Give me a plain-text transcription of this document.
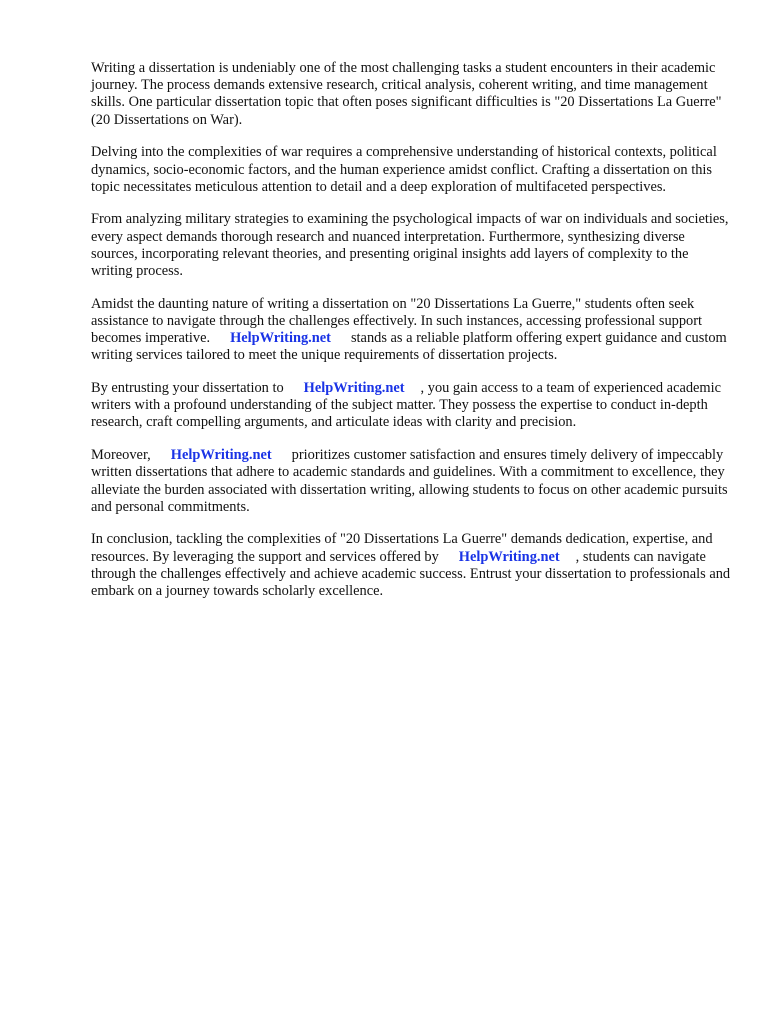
Writing a dissertation is undeniably one of the most challenging tasks a student encounters in their academic journey. The process demands extensive research, critical analysis, coherent writing, and time management skills. One particular dissertation topic that often poses significant difficulties is "20 Dissertations La Guerre" (20 Dissertations on War).

Delving into the complexities of war requires a comprehensive understanding of historical contexts, political dynamics, socio-economic factors, and the human experience amidst conflict. Crafting a dissertation on this topic necessitates meticulous attention to detail and a deep exploration of multifaceted perspectives.

From analyzing military strategies to examining the psychological impacts of war on individuals and societies, every aspect demands thorough research and nuanced interpretation. Furthermore, synthesizing diverse sources, incorporating relevant theories, and presenting original insights add layers of complexity to the writing process.

Amidst the daunting nature of writing a dissertation on "20 Dissertations La Guerre," students often seek assistance to navigate through the challenges effectively. In such instances, accessing professional support becomes imperative. HelpWriting.net stands as a reliable platform offering expert guidance and custom writing services tailored to meet the unique requirements of dissertation projects.

By entrusting your dissertation to HelpWriting.net , you gain access to a team of experienced academic writers with a profound understanding of the subject matter. They possess the expertise to conduct in-depth research, craft compelling arguments, and articulate ideas with clarity and precision.

Moreover, HelpWriting.net prioritizes customer satisfaction and ensures timely delivery of impeccably written dissertations that adhere to academic standards and guidelines. With a commitment to excellence, they alleviate the burden associated with dissertation writing, allowing students to focus on other academic pursuits and personal commitments.

In conclusion, tackling the complexities of "20 Dissertations La Guerre" demands dedication, expertise, and resources. By leveraging the support and services offered by HelpWriting.net , students can navigate through the challenges effectively and achieve academic success. Entrust your dissertation to professionals and embark on a journey towards scholarly excellence.
